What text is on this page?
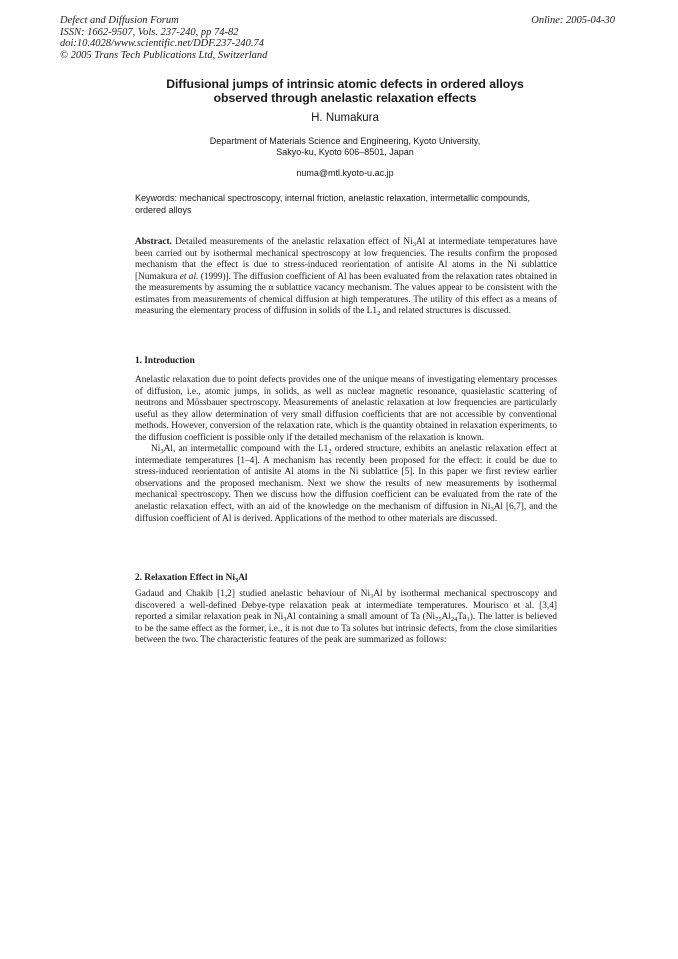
Defect and Diffusion Forum
ISSN: 1662-9507, Vols. 237-240, pp 74-82
doi:10.4028/www.scientific.net/DDF.237-240.74
© 2005 Trans Tech Publications Ltd, Switzerland
Online: 2005-04-30
Diffusional jumps of intrinsic atomic defects in ordered alloys
observed through anelastic relaxation effects
H. Numakura
Department of Materials Science and Engineering, Kyoto University,
Sakyo-ku, Kyoto 606–8501, Japan
numa@mtl.kyoto-u.ac.jp
Keywords: mechanical spectroscopy, internal friction, anelastic relaxation, intermetallic compounds, ordered alloys
Abstract. Detailed measurements of the anelastic relaxation effect of $Ni_3Al$ at intermediate temperatures have been carried out by isothermal mechanical spectroscopy at low frequencies. The results confirm the proposed mechanism that the effect is due to stress-induced reorientation of antisite Al atoms in the Ni sublattice [Numakura et al. (1999)]. The diffusion coefficient of Al has been evaluated from the relaxation rates obtained in the measurements by assuming the α sublattice vacancy mechanism. The values appear to be consistent with the estimates from measurements of chemical diffusion at high temperatures. The utility of this effect as a means of measuring the elementary process of diffusion in solids of the $L1_2$ and related structures is discussed.
1. Introduction

Anelastic relaxation due to point defects provides one of the unique means of investigating elementary processes of diffusion, i.e., atomic jumps, in solids, as well as nuclear magnetic resonance, quasielastic scattering of neutrons and Mössbauer spectroscopy. Measurements of anelastic relaxation at low frequencies are particularly useful as they allow determination of very small diffusion coefficients that are not accessible by conventional methods. However, conversion of the relaxation rate, which is the quantity obtained in relaxation experiments, to the diffusion coefficient is possible only if the detailed mechanism of the relaxation is known.

$Ni_3Al$, an intermetallic compound with the $L1_2$ ordered structure, exhibits an anelastic relaxation effect at intermediate temperatures [1–4]. A mechanism has recently been proposed for the effect: it could be due to stress-induced reorientation of antisite Al atoms in the Ni sublattice [5]. In this paper we first review earlier observations and the proposed mechanism. Next we show the results of new measurements by isothermal mechanical spectroscopy. Then we discuss how the diffusion coefficient can be evaluated from the rate of the anelastic relaxation effect, with an aid of the knowledge on the mechanism of diffusion in $Ni_3Al$ [6,7], and the diffusion coefficient of Al is derived. Applications of the method to other materials are discussed.

2. Relaxation Effect in $Ni_3Al$

Gadaud and Chakib [1,2] studied anelastic behaviour of $Ni_3Al$ by isothermal mechanical spectroscopy and discovered a well-defined Debye-type relaxation peak at intermediate temperatures. Mourisco et al. [3,4] reported a similar relaxation peak in $Ni_3Al$ containing a small amount of Ta $(Ni_{75}Al_{24}Ta_1)$. The latter is believed to be the same effect as the former, i.e., it is not due to Ta solutes but intrinsic defects, from the close similarities between the two. The characteristic features of the peak are summarized as follows:
